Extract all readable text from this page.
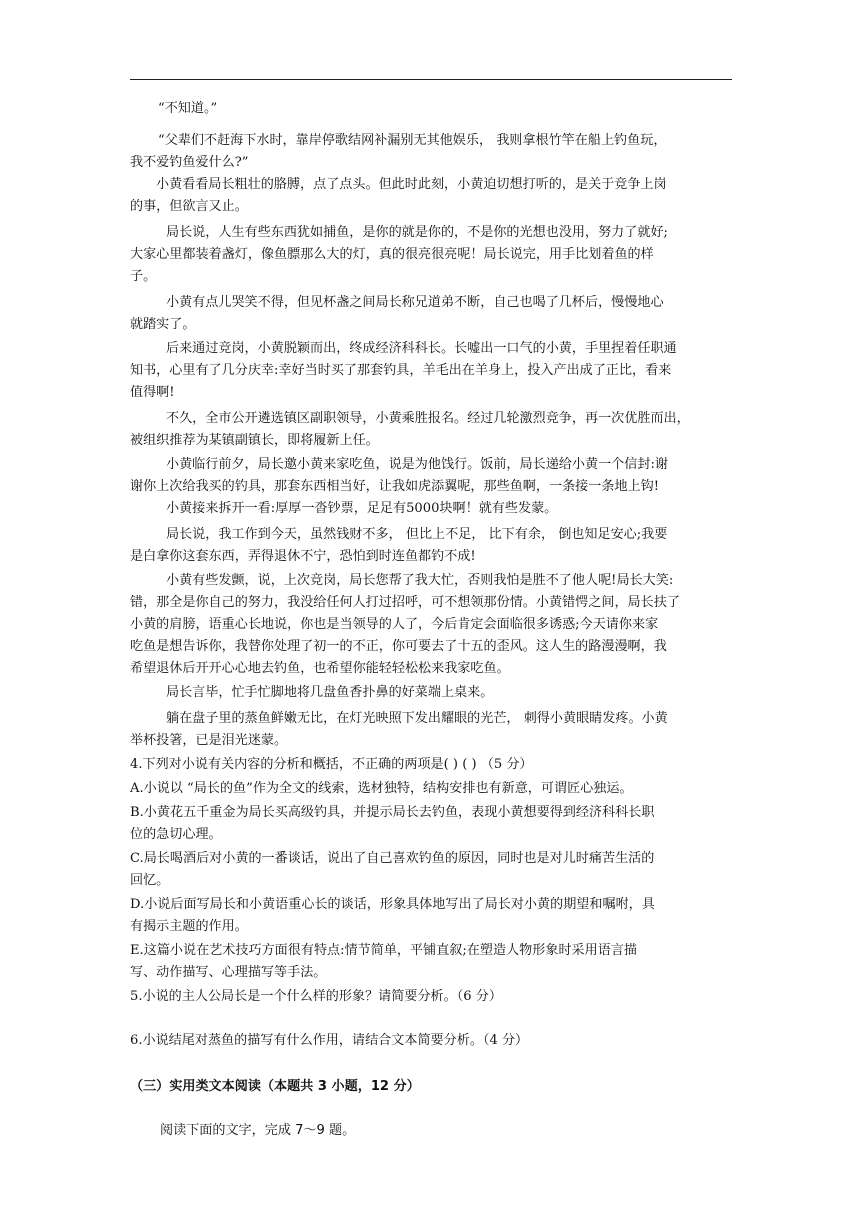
“不知道。”
“父辈们不赶海下水时，靠岸停歌结网补漏别无其他娱乐， 我则拿根竹竿在船上钓鱼玩，
我不爱钓鱼爱什么?”
小黄看看局长粗壮的胳膊，点了点头。但此时此刻，小黄迫切想打听的，是关于竞争上岗
的事，但欲言又止。
局长说，人生有些东西犹如捕鱼，是你的就是你的，不是你的光想也没用，努力了就好;
大家心里都装着盏灯，像鱼膘那么大的灯，真的很亮很亮呢！局长说完，用手比划着鱼的样
子。
小黄有点儿哭笑不得，但见杯盏之间局长称兄道弟不断，自己也喝了几杯后，慢慢地心
就踏实了。
后来通过竞岗，小黄脱颖而出，终成经济科科长。长嘘出一口气的小黄，手里捏着任职通
知书，心里有了几分庆幸:幸好当时买了那套钓具，羊毛出在羊身上，投入产出成了正比，看来
值得啊!
不久，全市公开遴选镇区副职领导，小黄乘胜报名。经过几轮激烈竞争，再一次优胜而出，
被组织推荐为某镇副镇长，即将履新上任。
小黄临行前夕，局长邀小黄来家吃鱼，说是为他饯行。饭前，局长递给小黄一个信封:谢
谢你上次给我买的钓具，那套东西相当好，让我如虎添翼呢，那些鱼啊，一条接一条地上钩!
小黄接来拆开一看:厚厚一沓钞票，足足有5000块啊！就有些发蒙。
局长说，我工作到今天，虽然钱财不多， 但比上不足， 比下有余， 倒也知足安心;我要
是白拿你这套东西，弄得退休不宁，恐怕到时连鱼都钓不成!
小黄有些发颤，说，上次竞岗，局长您帮了我大忙，否则我怕是胜不了他人呢!局长大笑:
错，那全是你自己的努力，我没给任何人打过招呼，可不想领那份情。小黄错愕之间，局长扶了
小黄的肩膀，语重心长地说，你也是当领导的人了，今后肯定会面临很多诱惑;今天请你来家
吃鱼是想告诉你，我替你处理了初一的不正，你可要去了十五的歪风。这人生的路漫漫啊，我
希望退休后开开心心地去钓鱼，也希望你能轻轻松松来我家吃鱼。
局长言毕，忙手忙脚地将几盘鱼香扑鼻的好菜端上桌来。
躺在盘子里的蒸鱼鲜嫩无比，在灯光映照下发出耀眼的光芒， 刺得小黄眼睛发疼。小黄
举杯投箸，已是泪光迷蒙。
4.下列对小说有关内容的分析和概括，不正确的两项是( ) ( ) （5 分）
A.小说以 “局长的鱼”作为全文的线索，选材独特，结构安排也有新意，可谓匠心独运。
B.小黄花五千重金为局长买高级钓具，并提示局长去钓鱼，表现小黄想要得到经济科科长职
位的急切心理。
C.局长喝酒后对小黄的一番谈话，说出了自己喜欢钓鱼的原因，同时也是对儿时痛苦生活的
回忆。
D.小说后面写局长和小黄语重心长的谈话，形象具体地写出了局长对小黄的期望和嘱咐，具
有揭示主题的作用。
E.这篇小说在艺术技巧方面很有特点:情节简单，平铺直叙;在塑造人物形象时采用语言描
写、动作描写、心理描写等手法。
5.小说的主人公局长是一个什么样的形象？请简要分析。（6 分）
6.小说结尾对蒸鱼的描写有什么作用，请结合文本简要分析。（4 分）
（三）实用类文本阅读（本题共 3 小题，12 分）
阅读下面的文字，完成 7～9 题。
